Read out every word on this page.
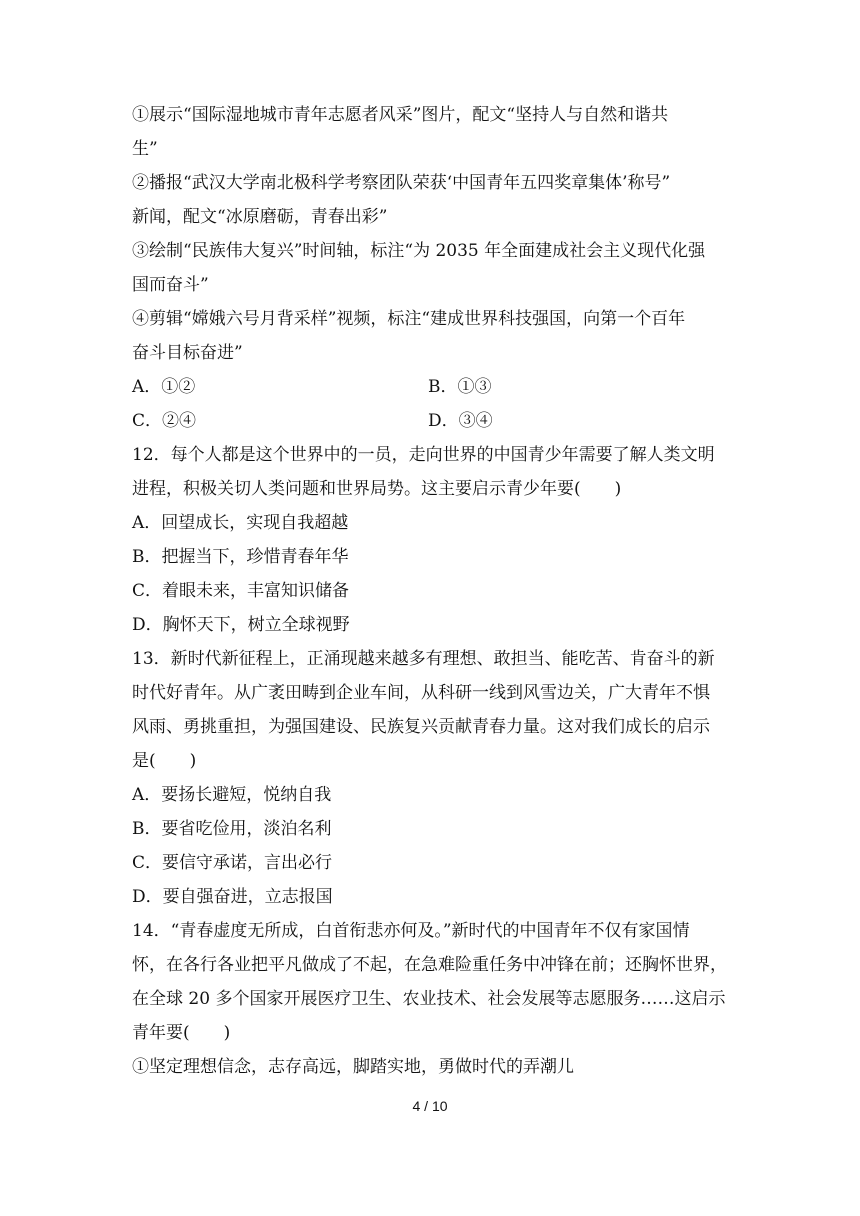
①展示“国际湿地城市青年志愿者风采”图片，配文“坚持人与自然和谐共
生”
②播报“武汉大学南北极科学考察团队荣获‘中国青年五四奖章集体’称号”
新闻，配文“冰原磨砺，青春出彩”
③绘制“民族伟大复兴”时间轴，标注“为 2035 年全面建成社会主义现代化强
国而奋斗”
④剪辑“嫦娥六号月背采样”视频，标注“建成世界科技强国，向第一个百年
奋斗目标奋进”
A．①②	B．①③
C．②④	D．③④
12．每个人都是这个世界中的一员，走向世界的中国青少年需要了解人类文明
进程，积极关切人类问题和世界局势。这主要启示青少年要(　　)
A．回望成长，实现自我超越
B．把握当下，珍惜青春年华
C．着眼未来，丰富知识储备
D．胸怀天下，树立全球视野
13．新时代新征程上，正涌现越来越多有理想、敢担当、能吃苦、肯奋斗的新
时代好青年。从广袤田畴到企业车间，从科研一线到风雪边关，广大青年不惧
风雨、勇挑重担，为强国建设、民族复兴贡献青春力量。这对我们成长的启示
是(　　)
A．要扬长避短，悦纳自我
B．要省吃俭用，淡泊名利
C．要信守承诺，言出必行
D．要自强奋进，立志报国
14．“青春虚度无所成，白首衔悲亦何及。”新时代的中国青年不仅有家国情
怀，在各行各业把平凡做成了不起，在急难险重任务中冲锋在前；还胸怀世界，
在全球 20 多个国家开展医疗卫生、农业技术、社会发展等志愿服务……这启示
青年要(　　)
①坚定理想信念，志存高远，脚踏实地，勇做时代的弄潮儿
4 / 10
